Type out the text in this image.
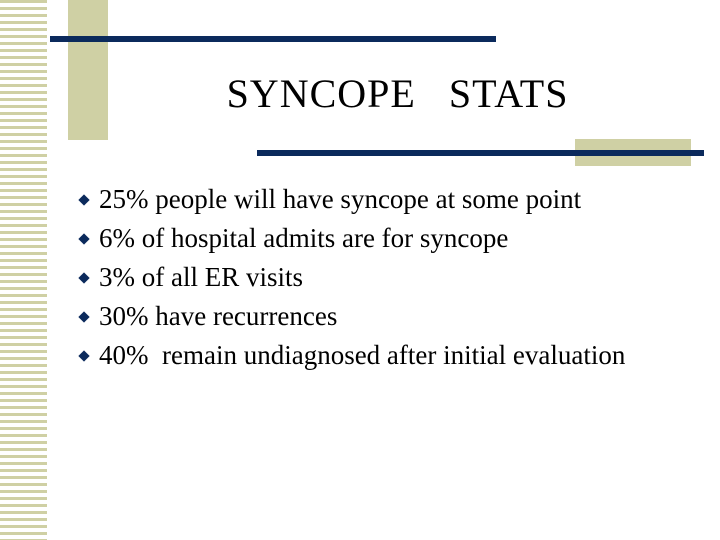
SYNCOPE   STATS
25% people will have syncope at some point
6% of hospital admits are for syncope
3% of all ER visits
30% have recurrences
40%  remain undiagnosed after initial evaluation
